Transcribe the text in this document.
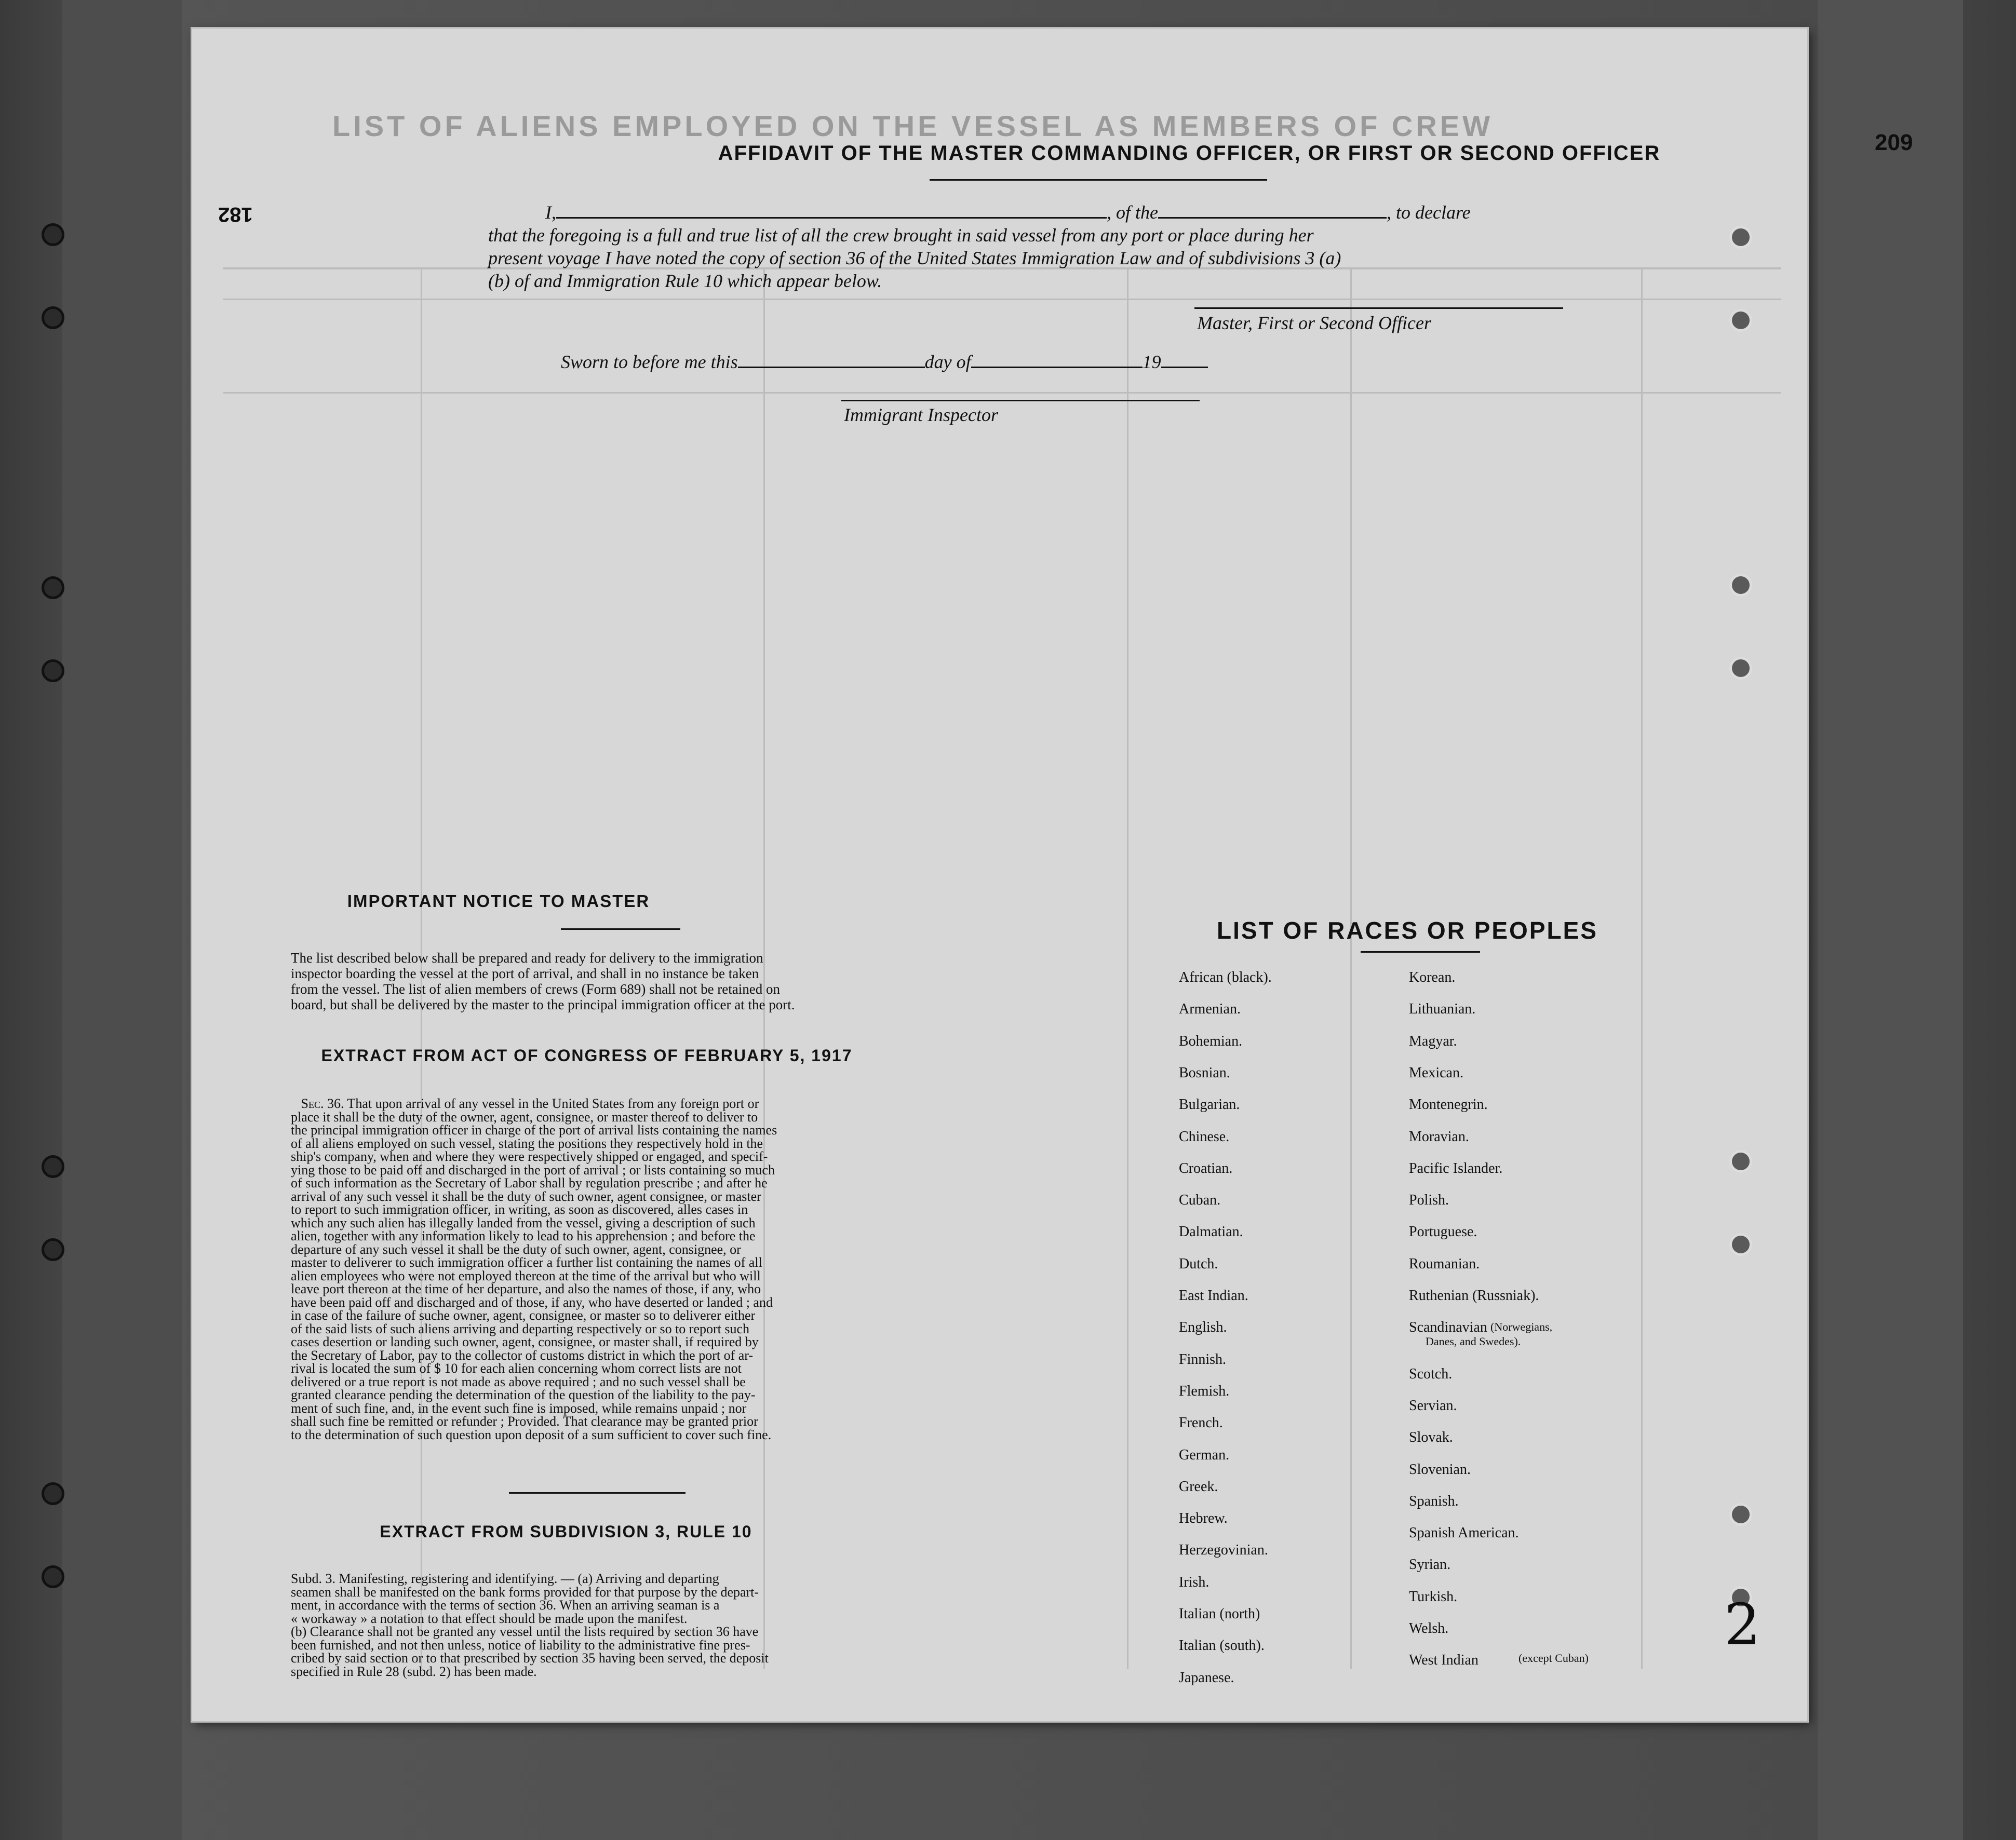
LIST OF ALIENS EMPLOYED ON THE VESSEL AS MEMBERS OF CREW
209
182
2
AFFIDAVIT OF THE MASTER COMMANDING OFFICER, OR FIRST OR SECOND OFFICER
I,	, of the	, to declare
that the foregoing is a full and true list of all the crew brought in said vessel from any port or place during her
present voyage I have noted the copy of section 36 of the United States Immigration Law and of subdivisions 3 (a)
(b) of and Immigration Rule 10 which appear below.
Master, First or Second Officer
Sworn to before me this	day of	19
Immigrant Inspector
IMPORTANT NOTICE TO MASTER
The list described below shall be prepared and ready for delivery to the immigration
inspector boarding the vessel at the port of arrival, and shall in no instance be taken
from the vessel. The list of alien members of crews (Form 689) shall not be retained on
board, but shall be delivered by the master to the principal immigration officer at the port.
EXTRACT FROM ACT OF CONGRESS OF FEBRUARY 5, 1917
Sec. 36. That upon arrival of any vessel in the United States from any foreign port or
place it shall be the duty of the owner, agent, consignee, or master thereof to deliver to
the principal immigration officer in charge of the port of arrival lists containing the names
of all aliens employed on such vessel, stating the positions they respectively hold in the
ship's company, when and where they were respectively shipped or engaged, and specif-
ying those to be paid off and discharged in the port of arrival ; or lists containing so much
of such information as the Secretary of Labor shall by regulation prescribe ; and after he
arrival of any such vessel it shall be the duty of such owner, agent consignee, or master
to report to such immigration officer, in writing, as soon as discovered, alles cases in
which any such alien has illegally landed from the vessel, giving a description of such
alien, together with any information likely to lead to his apprehension ; and before the
departure of any such vessel it shall be the duty of such owner, agent, consignee, or
master to deliverer to such immigration officer a further list containing the names of all
alien employees who were not employed thereon at the time of the arrival but who will
leave port thereon at the time of her departure, and also the names of those, if any, who
have been paid off and discharged and of those, if any, who have deserted or landed ; and
in case of the failure of suche owner, agent, consignee, or master so to deliverer either
of the said lists of such aliens arriving and departing respectively or so to report such
cases desertion or landing such owner, agent, consignee, or master shall, if required by
the Secretary of Labor, pay to the collector of customs district in which the port of ar-
rival is located the sum of $ 10 for each alien concerning whom correct lists are not
delivered or a true report is not made as above required ; and no such vessel shall be
granted clearance pending the determination of the question of the liability to the pay-
ment of such fine, and, in the event such fine is imposed, while remains unpaid ; nor
shall such fine be remitted or refunder ; Provided. That clearance may be granted prior
to the determination of such question upon deposit of a sum sufficient to cover such fine.
EXTRACT FROM SUBDIVISION 3, RULE 10
Subd. 3. Manifesting, registering and identifying. — (a) Arriving and departing
seamen shall be manifested on the bank forms provided for that purpose by the depart-
ment, in accordance with the terms of section 36. When an arriving seaman is a
« workaway » a notation to that effect should be made upon the manifest.
(b) Clearance shall not be granted any vessel until the lists required by section 36 have
been furnished, and not then unless, notice of liability to the administrative fine pres-
cribed by said section or to that prescribed by section 35 having been served, the deposit
specified in Rule 28 (subd. 2) has been made.
LIST OF RACES OR PEOPLES
(Norwegians,
Danes, and Swedes).
(except Cuban)
African (black).
Armenian.
Bohemian.
Bosnian.
Bulgarian.
Chinese.
Croatian.
Cuban.
Dalmatian.
Dutch.
East Indian.
English.
Finnish.
Flemish.
French.
German.
Greek.
Hebrew.
Herzegovinian.
Irish.
Italian (north)
Italian (south).
Japanese.
Korean.
Lithuanian.
Magyar.
Mexican.
Montenegrin.
Moravian.
Pacific Islander.
Polish.
Portuguese.
Roumanian.
Ruthenian (Russniak).
Scandinavian
Scotch.
Servian.
Slovak.
Slovenian.
Spanish.
Spanish American.
Syrian.
Turkish.
Welsh.
West Indian
